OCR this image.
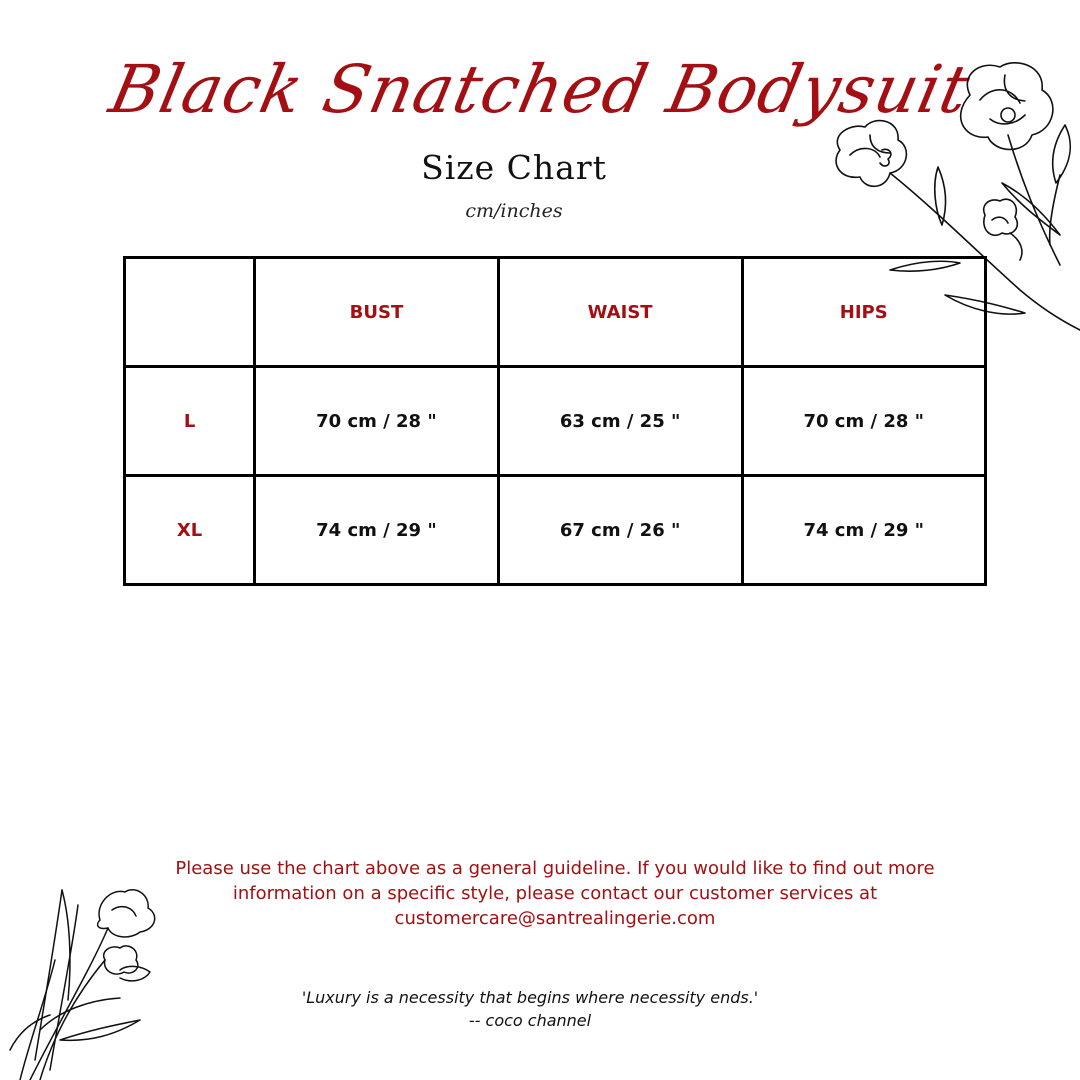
Black Snatched Bodysuit
Size Chart
cm/inches
	BUST	WAIST	HIPS
L	70 cm / 28 "	63 cm / 25 "	70 cm / 28 "
XL	74 cm / 29 "	67 cm / 26 "	74 cm / 29 "
Please use the chart above as a general guideline. If you would like to find out more information on a specific style, please contact our customer services at customercare@santrealingerie.com
'Luxury is a necessity that begins where necessity ends.'
-- coco channel
